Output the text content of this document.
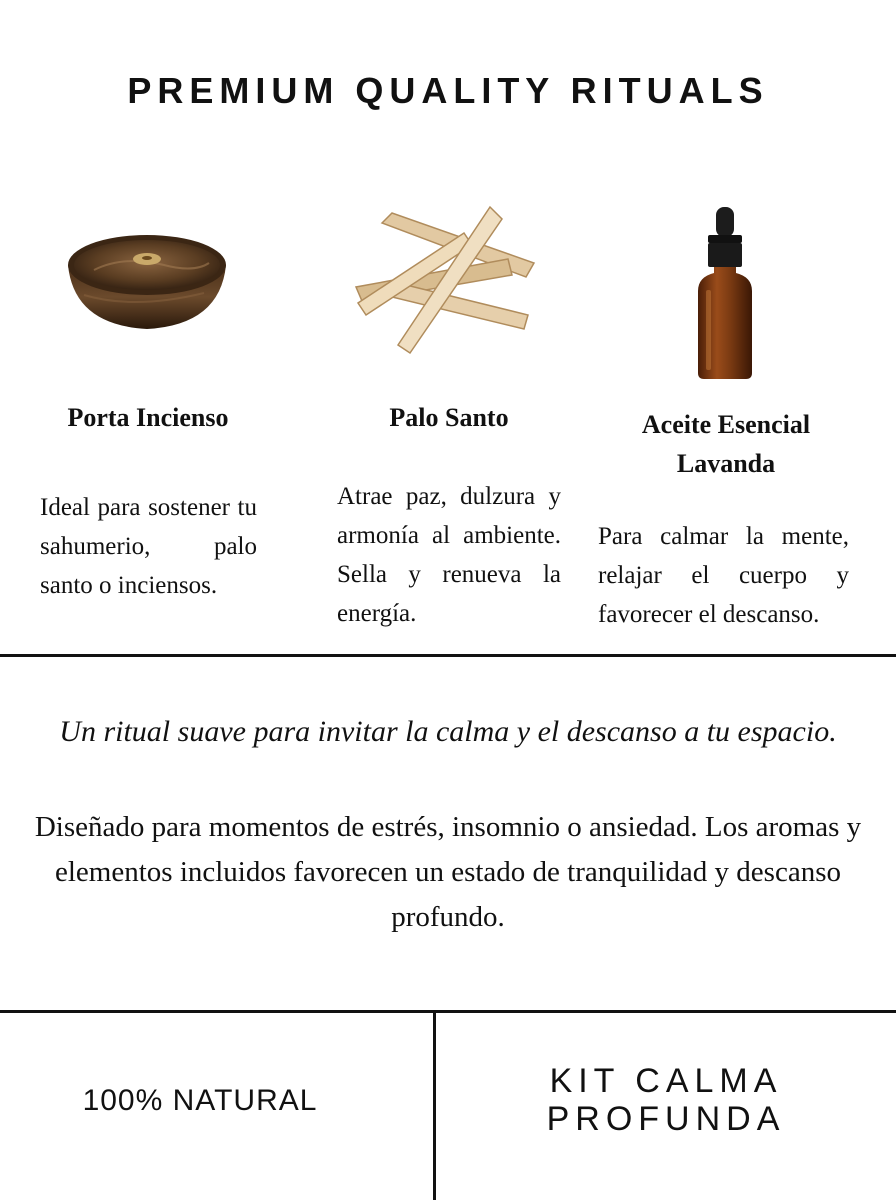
PREMIUM QUALITY RITUALS
Porta Incienso	Palo Santo	Aceite Esencial
Lavanda
Ideal para sostener tu sahumerio, palo santo o inciensos.
Atrae paz, dulzura y armonía al ambiente. Sella y renueva la energía.
Para calmar la mente, relajar el cuerpo y favorecer el descanso.
Un ritual suave para invitar la calma y el descanso a tu espacio.
Diseñado para momentos de estrés, insomnio o ansiedad. Los aromas y elementos incluidos favorecen un estado de tranquilidad y descanso profundo.
100% NATURAL
KIT CALMA
PROFUNDA
